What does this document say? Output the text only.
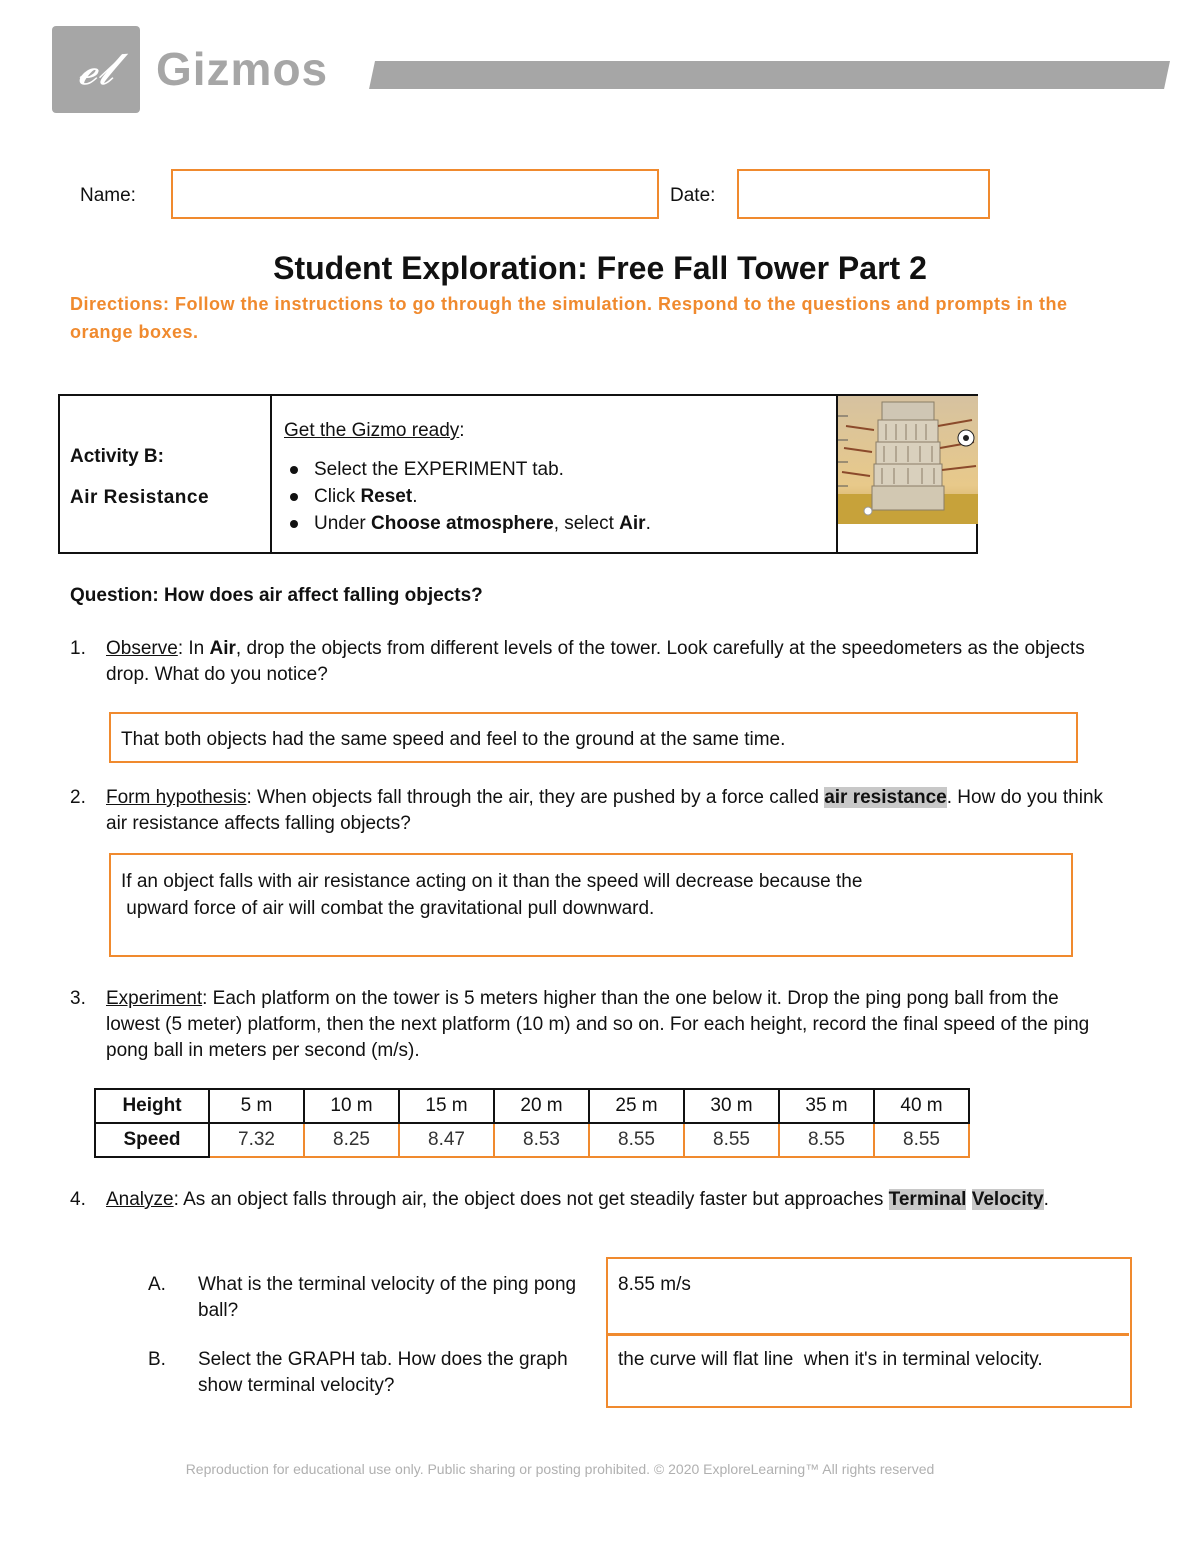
𝓮𝓵 Gizmos
Name:	Date:
Student Exploration: Free Fall Tower Part 2
Directions: Follow the instructions to go through the simulation. Respond to the questions and prompts in the orange boxes.
Activity B:
Air Resistance
Get the Gizmo ready:
Select the EXPERIMENT tab.
Click Reset.
Under Choose atmosphere, select Air.
Question: How does air affect falling objects?
1. Observe: In Air, drop the objects from different levels of the tower. Look carefully at the speedometers as the objects drop. What do you notice?
That both objects had the same speed and feel to the ground at the same time.
2. Form hypothesis: When objects fall through the air, they are pushed by a force called air resistance. How do you think air resistance affects falling objects?
If an object falls with air resistance acting on it than the speed will decrease because the
upward force of air will combat the gravitational pull downward.
3. Experiment: Each platform on the tower is 5 meters higher than the one below it. Drop the ping pong ball from the lowest (5 meter) platform, then the next platform (10 m) and so on. For each height, record the final speed of the ping pong ball in meters per second (m/s).
Height	5 m	10 m	15 m	20 m	25 m	30 m	35 m	40 m
Speed	7.32	8.25	8.47	8.53	8.55	8.55	8.55	8.55
4. Analyze: As an object falls through air, the object does not get steadily faster but approaches Terminal Velocity.
A. What is the terminal velocity of the ping pong ball?
B. Select the GRAPH tab. How does the graph show terminal velocity?
8.55 m/s
the curve will flat line  when it's in terminal velocity.
Reproduction for educational use only. Public sharing or posting prohibited. © 2020 ExploreLearning™ All rights reserved
